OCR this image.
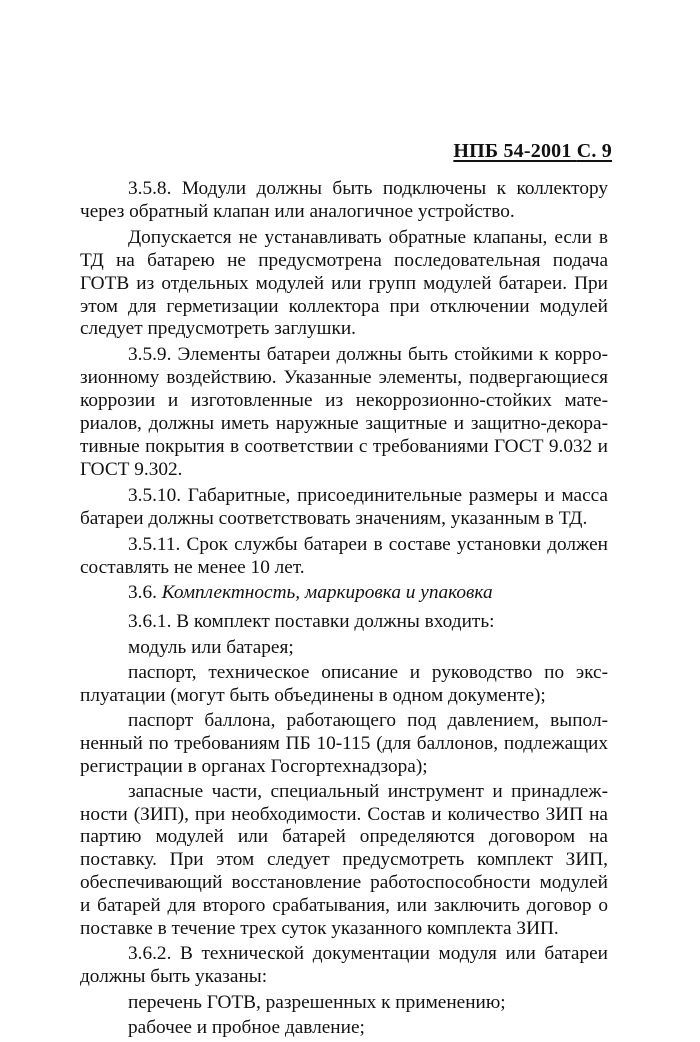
НПБ 54-2001 С. 9

3.5.8. Модули должны быть подключены к коллектору через обратный клапан или аналогичное устройство.

Допускается не устанавливать обратные клапаны, если в ТД на батарею не предусмотрена последовательная подача ГОТВ из отдельных модулей или групп модулей батареи. При этом для герметизации коллектора при отключении модулей следует предусмотреть заглушки.

3.5.9. Элементы батареи должны быть стойкими к коррозионному воздействию. Указанные элементы, подвергающиеся коррозии и изготовленные из некоррозионно-стойких материалов, должны иметь наружные защитные и защитно-декоративные покрытия в соответствии с требованиями ГОСТ 9.032 и ГОСТ 9.302.

3.5.10. Габаритные, присоединительные размеры и масса батареи должны соответствовать значениям, указанным в ТД.

3.5.11. Срок службы батареи в составе установки должен составлять не менее 10 лет.

3.6. Комплектность, маркировка и упаковка

3.6.1. В комплект поставки должны входить:

модуль или батарея;

паспорт, техническое описание и руководство по эксплуатации (могут быть объединены в одном документе);

паспорт баллона, работающего под давлением, выполненный по требованиям ПБ 10-115 (для баллонов, подлежащих регистрации в органах Госгортехнадзора);

запасные части, специальный инструмент и принадлежности (ЗИП), при необходимости. Состав и количество ЗИП на партию модулей или батарей определяются договором на поставку. При этом следует предусмотреть комплект ЗИП, обеспечивающий восстановление работоспособности модулей и батарей для второго срабатывания, или заключить договор о поставке в течение трех суток указанного комплекта ЗИП.

3.6.2. В технической документации модуля или батареи должны быть указаны:

перечень ГОТВ, разрешенных к применению;

рабочее и пробное давление;
